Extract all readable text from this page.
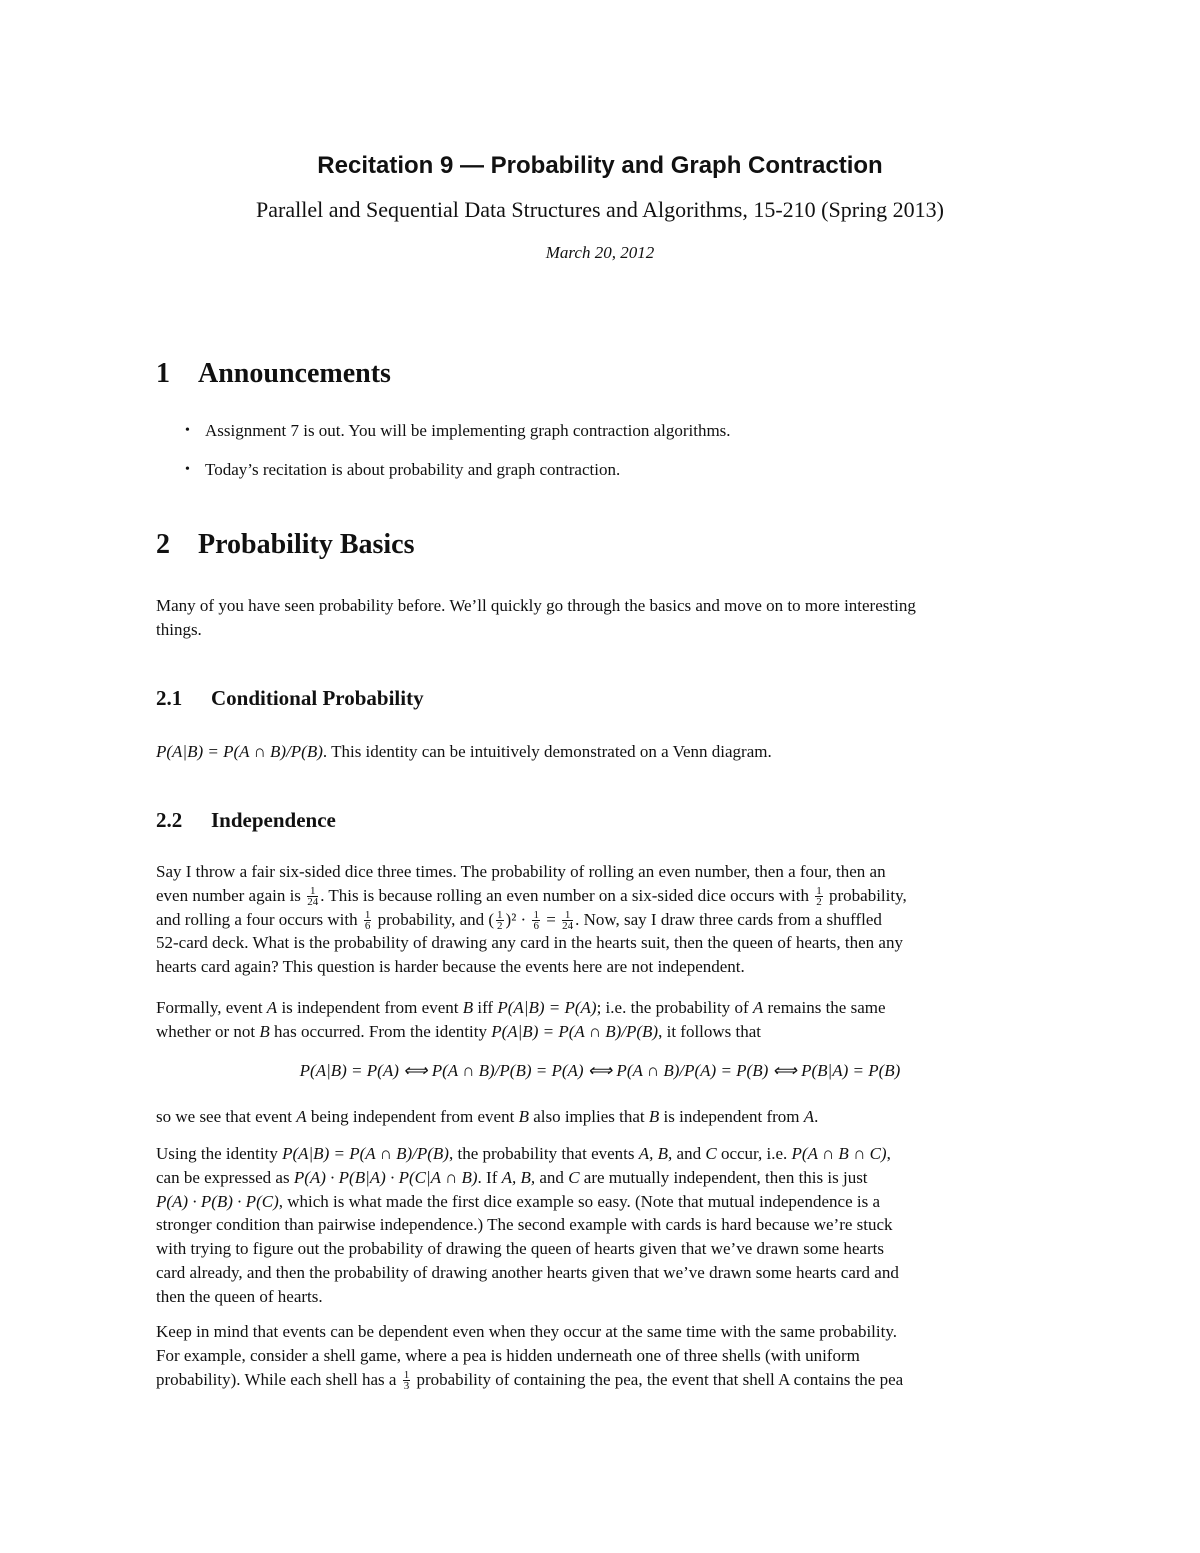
Recitation 9 — Probability and Graph Contraction
Parallel and Sequential Data Structures and Algorithms, 15-210 (Spring 2013)
March 20, 2012
1 Announcements
• Assignment 7 is out. You will be implementing graph contraction algorithms.
• Today’s recitation is about probability and graph contraction.
2 Probability Basics
Many of you have seen probability before. We’ll quickly go through the basics and move on to more interesting
things.
2.1 Conditional Probability
P(A|B) = P(A ∩ B)/P(B). This identity can be intuitively demonstrated on a Venn diagram.
2.2 Independence
Say I throw a fair six-sided dice three times. The probability of rolling an even number, then a four, then an
even number again is $\frac{1}{24}$ . This is because rolling an even number on a six-sided dice occurs with $\frac{1}{2}$ probability,
and rolling a four occurs with $\frac{1}{6}$ probability, and ( $\frac{1}{2} )^2 \cdot \frac{1}{6} = \frac{1}{24}$ . Now, say I draw three cards from a shuffled
52-card deck. What is the probability of drawing any card in the hearts suit, then the queen of hearts, then any
hearts card again? This question is harder because the events here are not independent.
Formally, event A is independent from event B iff P(A|B) = P(A); i.e. the probability of A remains the same
whether or not B has occurred. From the identity P(A|B) = P(A ∩ B)/P(B), it follows that
P(A|B) = P(A) ⟺ P(A ∩ B)/P(B) = P(A) ⟺ P(A ∩ B)/P(A) = P(B) ⟺ P(B|A) = P(B)
so we see that event A being independent from event B also implies that B is independent from A.
Using the identity P(A|B) = P(A ∩ B)/P(B), the probability that events A, B, and C occur, i.e. P(A ∩ B ∩ C),
can be expressed as P(A) · P(B|A) · P(C|A ∩ B). If A, B, and C are mutually independent, then this is just
P(A) · P(B) · P(C), which is what made the first dice example so easy. (Note that mutual independence is a
stronger condition than pairwise independence.) The second example with cards is hard because we’re stuck
with trying to figure out the probability of drawing the queen of hearts given that we’ve drawn some hearts
card already, and then the probability of drawing another hearts given that we’ve drawn some hearts card and
then the queen of hearts.
Keep in mind that events can be dependent even when they occur at the same time with the same probability.
For example, consider a shell game, where a pea is hidden underneath one of three shells (with uniform
probability). While each shell has a $\frac{1}{3}$ probability of containing the pea, the event that shell A contains the pea
